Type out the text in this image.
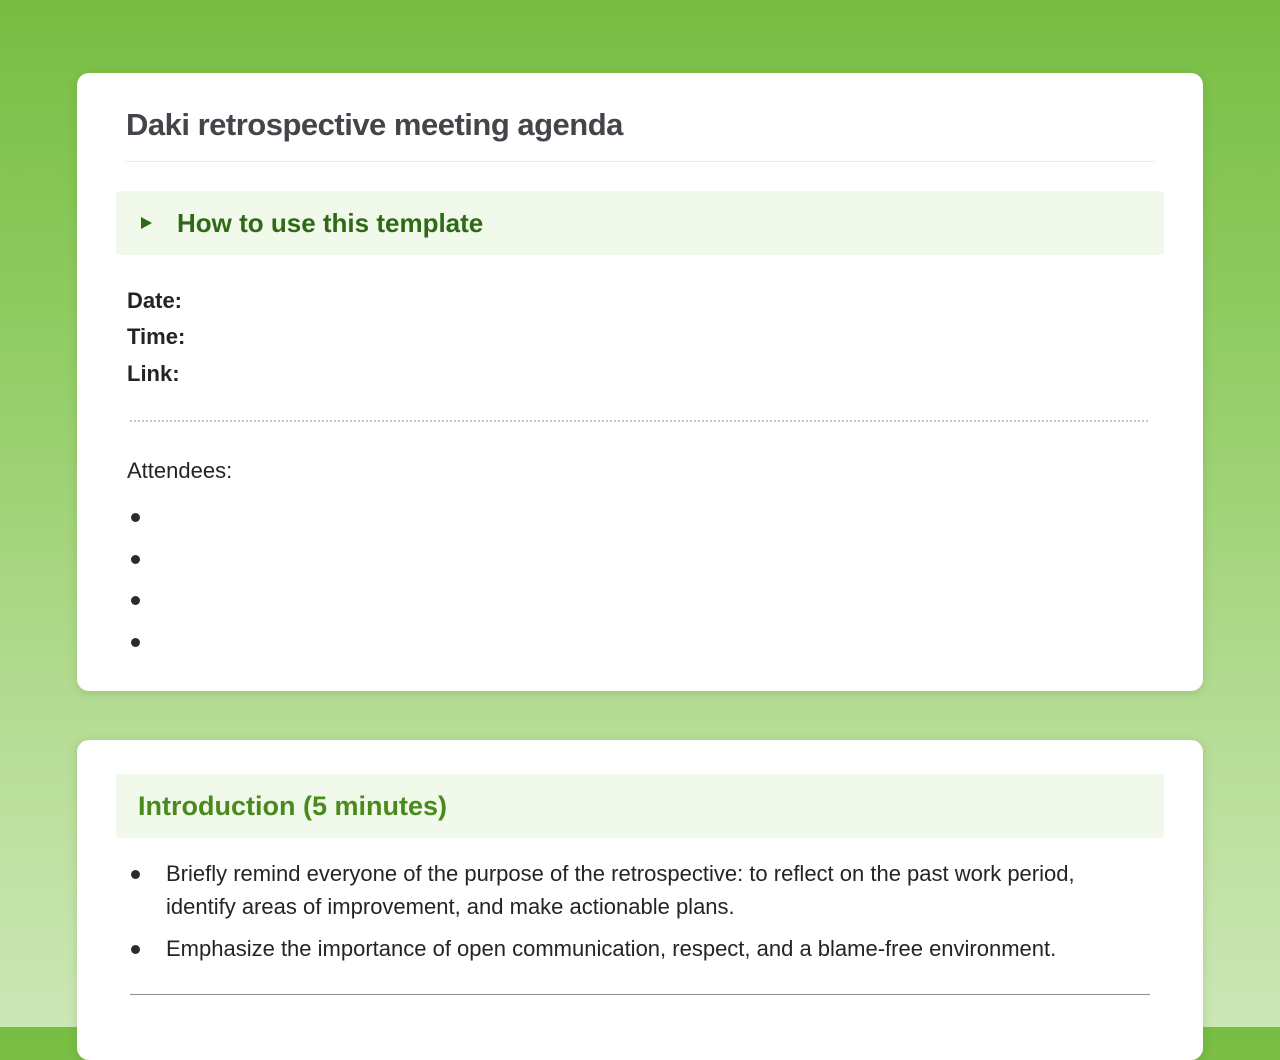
Daki retrospective meeting agenda
How to use this template
Date:
Time:
Link:
Attendees:
Introduction (5 minutes)
Briefly remind everyone of the purpose of the retrospective: to reflect on the past work period, identify areas of improvement, and make actionable plans.
Emphasize the importance of open communication, respect, and a blame-free environment.
